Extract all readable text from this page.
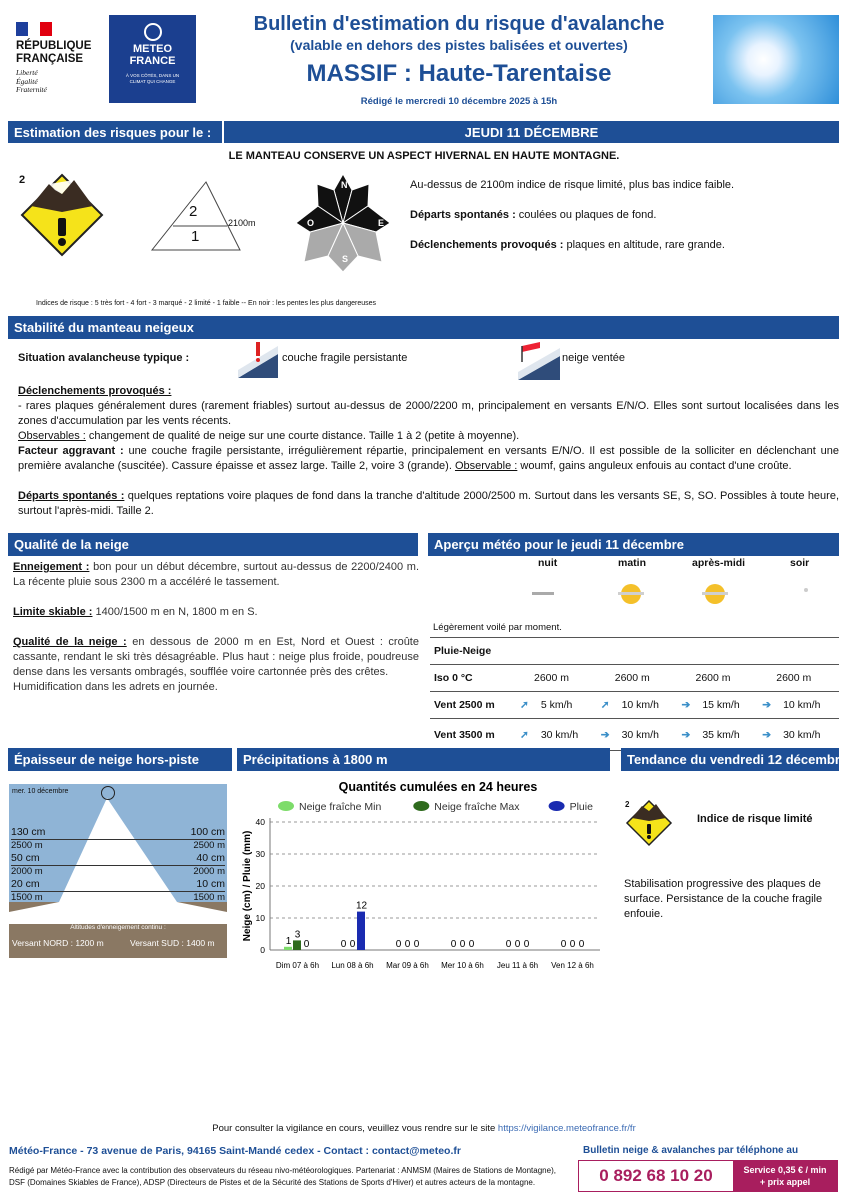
RÉPUBLIQUE
FRANÇAISE
Liberté
Égalité
Fraternité
METEO
FRANCE
À VOS CÔTÉS, DANS UN CLIMAT QUI CHANGE
Bulletin d'estimation du risque d'avalanche
(valable en dehors des pistes balisées et ouvertes)
MASSIF : Haute-Tarentaise
Rédigé le mercredi 10 décembre 2025 à 15h
Estimation des risques pour le :	JEUDI 11 DÉCEMBRE
LE MANTEAU CONSERVE UN ASPECT HIVERNAL EN HAUTE MONTAGNE.
2
2
1
2100m
N
E
S
O
Au-dessus de 2100m indice de risque limité, plus bas indice faible.
Départs spontanés : coulées ou plaques de fond.
Déclenchements provoqués : plaques en altitude, rare grande.
Indices de risque : 5 très fort - 4 fort - 3 marqué - 2 limité - 1 faible -- En noir : les pentes les plus dangereuses
Stabilité du manteau neigeux
Situation avalancheuse typique :	couche fragile persistante	neige ventée
Déclenchements provoqués :
- rares plaques généralement dures (rarement friables) surtout au-dessus de 2000/2200 m, principalement en versants E/N/O. Elles sont surtout localisées dans les zones d'accumulation par les vents récents.
Observables : changement de qualité de neige sur une courte distance. Taille 1 à 2 (petite à moyenne).
Facteur aggravant : une couche fragile persistante, irrégulièrement répartie, principalement en versants E/N/O. Il est possible de la solliciter en déclenchant une première avalanche (suscitée). Cassure épaisse et assez large. Taille 2, voire 3 (grande). Observable : woumf, gains anguleux enfouis au contact d'une croûte.
Départs spontanés : quelques reptations voire plaques de fond dans la tranche d'altitude 2000/2500 m. Surtout dans les versants SE, S, SO. Possibles à toute heure, surtout l'après-midi. Taille 2.
Qualité de la neige
Enneigement : bon pour un début décembre, surtout au-dessus de 2200/2400 m. La récente pluie sous 2300 m a accéléré le tassement.
Limite skiable : 1400/1500 m en N, 1800 m en S.
Qualité de la neige : en dessous de 2000 m en Est, Nord et Ouest : croûte cassante, rendant le ski très désagréable. Plus haut : neige plus froide, poudreuse dense dans les versants ombragés, soufflée voire cartonnée près des crêtes.
Humidification dans les adrets en journée.
Aperçu météo pour le jeudi 11 décembre
nuit	matin	après-midi	soir
Légèrement voilé par moment.
Pluie-Neige				
Iso 0 °C	2600 m	2600 m	2600 m	2600 m
Vent 2500 m	➚ 5 km/h	➚ 10 km/h	➔ 15 km/h	➔ 10 km/h
Vent 3500 m	➚ 30 km/h	➔ 30 km/h	➔ 35 km/h	➔ 30 km/h
Épaisseur de neige hors-piste
mer. 10 décembre
130 cm	100 cm
2500 m	2500 m
50 cm	40 cm
2000 m	2000 m
20 cm	10 cm
1500 m	1500 m
Altitudes d'enneigement continu :
Versant NORD : 1200 m	Versant SUD : 1400 m
Précipitations à 1800 m
Quantités cumulées en 24 heures
Neige fraîche Min	Neige fraîche Max	Pluie
0
10
20
30
40
Neige (cm) / Pluie (mm)
Dim 07 à 6h
1
3
0
Lun 08 à 6h
0 0
12
Mar 09 à 6h
0 0 0
Mer 10 à 6h
0 0 0
Jeu 11 à 6h
0 0 0
Ven 12 à 6h
0 0 0
Tendance du vendredi 12 décembre
2
Indice de risque limité
Stabilisation progressive des plaques de surface. Persistance de la couche fragile enfouie.
Pour consulter la vigilance en cours, veuillez vous rendre sur le site https://vigilance.meteofrance.fr/fr
Météo-France - 73 avenue de Paris, 94165 Saint-Mandé cedex - Contact : contact@meteo.fr
Rédigé par Météo-France avec la contribution des observateurs du réseau nivo-météorologiques. Partenariat : ANMSM (Maires de Stations de Montagne), DSF (Domaines Skiables de France), ADSP (Directeurs de Pistes et de la Sécurité des Stations de Sports d'Hiver) et autres acteurs de la montagne.
Bulletin neige & avalanches par téléphone au
0 892 68 10 20	Service 0,35 € / min
+ prix appel
